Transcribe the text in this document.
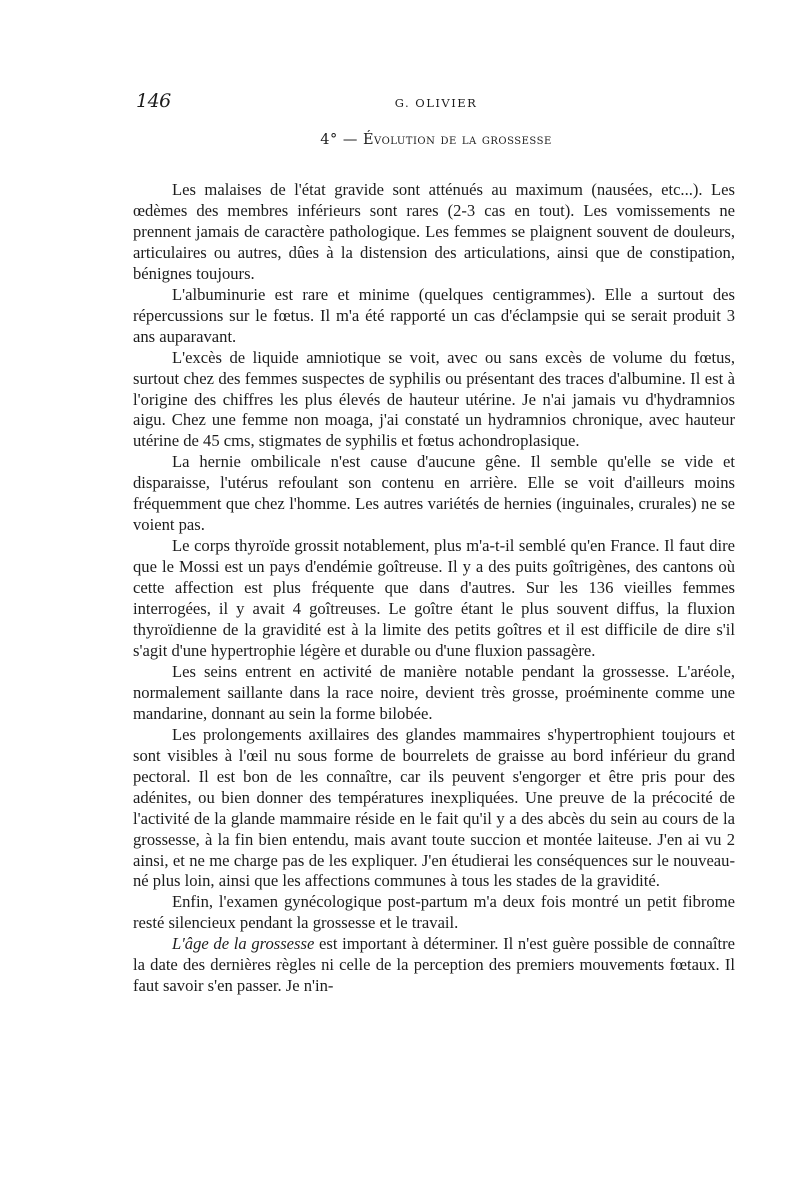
146	G. OLIVIER
4° — Évolution de la grossesse

Les malaises de l'état gravide sont atténués au maximum (nausées, etc...). Les œdèmes des membres inférieurs sont rares (2-3 cas en tout). Les vomissements ne prennent jamais de caractère pathologique. Les femmes se plaignent souvent de douleurs, articulaires ou autres, dûes à la distension des articulations, ainsi que de constipation, bénignes toujours.

L'albuminurie est rare et minime (quelques centigrammes). Elle a surtout des répercussions sur le fœtus. Il m'a été rapporté un cas d'éclampsie qui se serait produit 3 ans auparavant.

L'excès de liquide amniotique se voit, avec ou sans excès de volume du fœtus, surtout chez des femmes suspectes de syphilis ou présentant des traces d'albumine. Il est à l'origine des chiffres les plus élevés de hauteur utérine. Je n'ai jamais vu d'hydramnios aigu. Chez une femme non moaga, j'ai constaté un hydramnios chronique, avec hauteur utérine de 45 cms, stigmates de syphilis et fœtus achondroplasique.

La hernie ombilicale n'est cause d'aucune gêne. Il semble qu'elle se vide et disparaisse, l'utérus refoulant son contenu en arrière. Elle se voit d'ailleurs moins fréquemment que chez l'homme. Les autres variétés de hernies (inguinales, crurales) ne se voient pas.

Le corps thyroïde grossit notablement, plus m'a-t-il semblé qu'en France. Il faut dire que le Mossi est un pays d'endémie goîtreuse. Il y a des puits goîtrigènes, des cantons où cette affection est plus fréquente que dans d'autres. Sur les 136 vieilles femmes interrogées, il y avait 4 goîtreuses. Le goître étant le plus souvent diffus, la fluxion thyroïdienne de la gravidité est à la limite des petits goîtres et il est difficile de dire s'il s'agit d'une hypertrophie légère et durable ou d'une fluxion passagère.

Les seins entrent en activité de manière notable pendant la grossesse. L'aréole, normalement saillante dans la race noire, devient très grosse, proéminente comme une mandarine, donnant au sein la forme bilobée.

Les prolongements axillaires des glandes mammaires s'hypertrophient toujours et sont visibles à l'œil nu sous forme de bourrelets de graisse au bord inférieur du grand pectoral. Il est bon de les connaître, car ils peuvent s'engorger et être pris pour des adénites, ou bien donner des températures inexpliquées. Une preuve de la précocité de l'activité de la glande mammaire réside en le fait qu'il y a des abcès du sein au cours de la grossesse, à la fin bien entendu, mais avant toute succion et montée laiteuse. J'en ai vu 2 ainsi, et ne me charge pas de les expliquer. J'en étudierai les conséquences sur le nouveau-né plus loin, ainsi que les affections communes à tous les stades de la gravidité.

Enfin, l'examen gynécologique post-partum m'a deux fois montré un petit fibrome resté silencieux pendant la grossesse et le travail.

L'âge de la grossesse est important à déterminer. Il n'est guère possible de connaître la date des dernières règles ni celle de la perception des premiers mouvements fœtaux. Il faut savoir s'en passer. Je n'in-
